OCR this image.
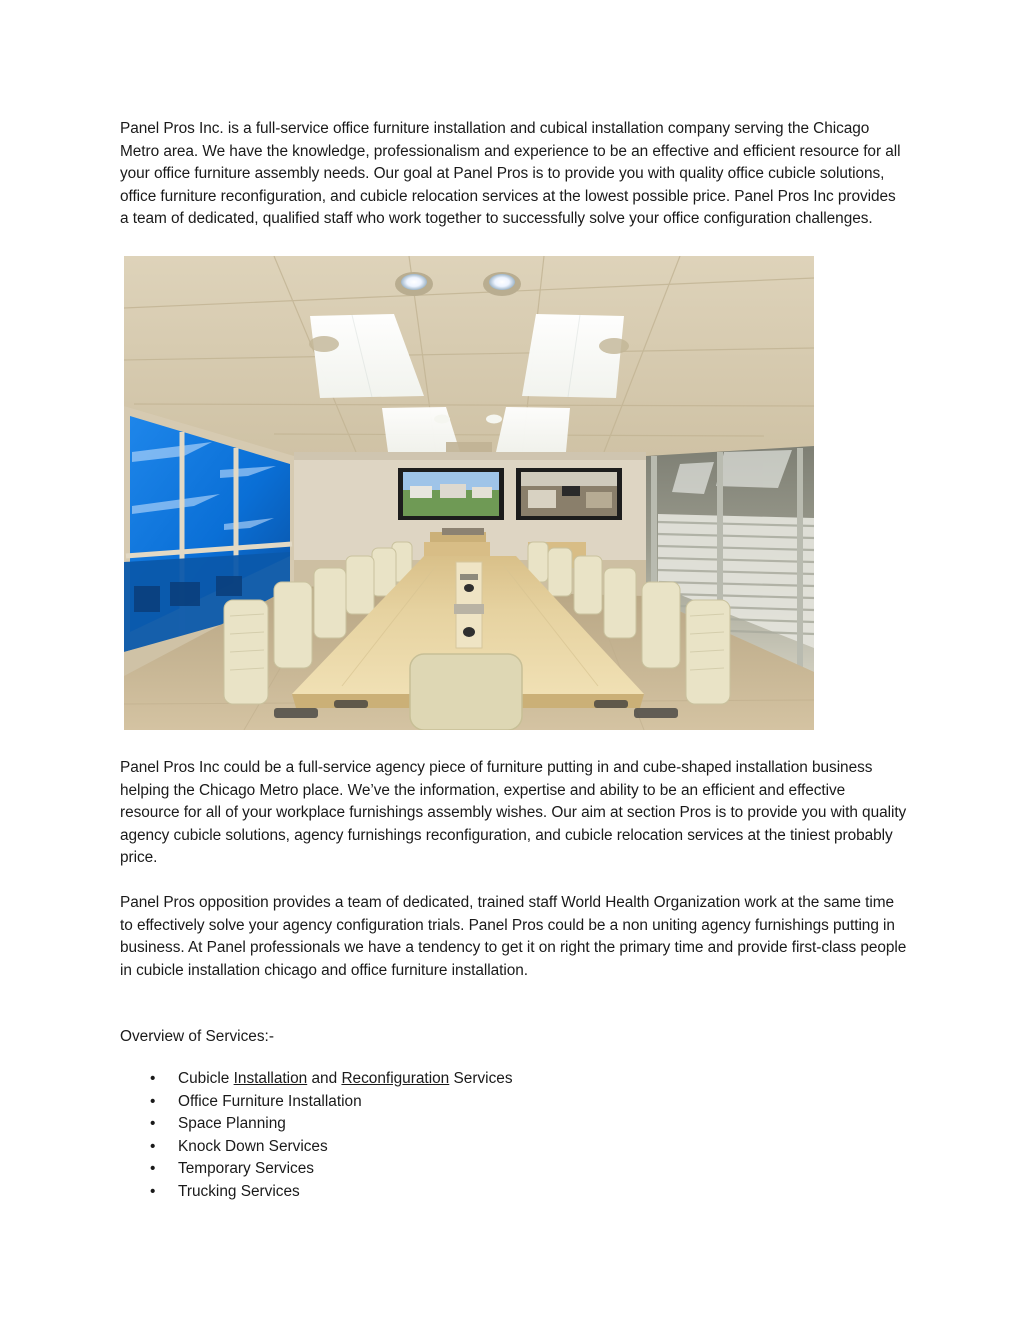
Panel Pros Inc. is a full-service office furniture installation and cubical installation company serving the Chicago Metro area. We have the knowledge, professionalism and experience to be an effective and efficient resource for all your office furniture assembly needs. Our goal at Panel Pros is to provide you with quality office cubicle solutions, office furniture reconfiguration, and cubicle relocation services at the lowest possible price. Panel Pros Inc provides a team of dedicated, qualified staff who work together to successfully solve your office configuration challenges.

Panel Pros Inc could be a full-service agency piece of furniture putting in and cube-shaped installation business helping the Chicago Metro place. We’ve the information, expertise and ability to be an efficient and effective resource for all of your workplace furnishings assembly wishes. Our aim at section Pros is to provide you with quality agency cubicle solutions, agency furnishings reconfiguration, and cubicle relocation services at the tiniest probably price.

Panel Pros opposition provides a team of dedicated, trained staff World Health Organization work at the same time to effectively solve your agency configuration trials. Panel Pros could be a non uniting agency furnishings putting in business. At Panel professionals we have a tendency to get it on right the primary time and provide first-class people in cubicle installation chicago and office furniture installation.

Overview of Services:-
• Cubicle Installation and Reconfiguration Services
• Office Furniture Installation
• Space Planning
• Knock Down Services
• Temporary Services
• Trucking Services
